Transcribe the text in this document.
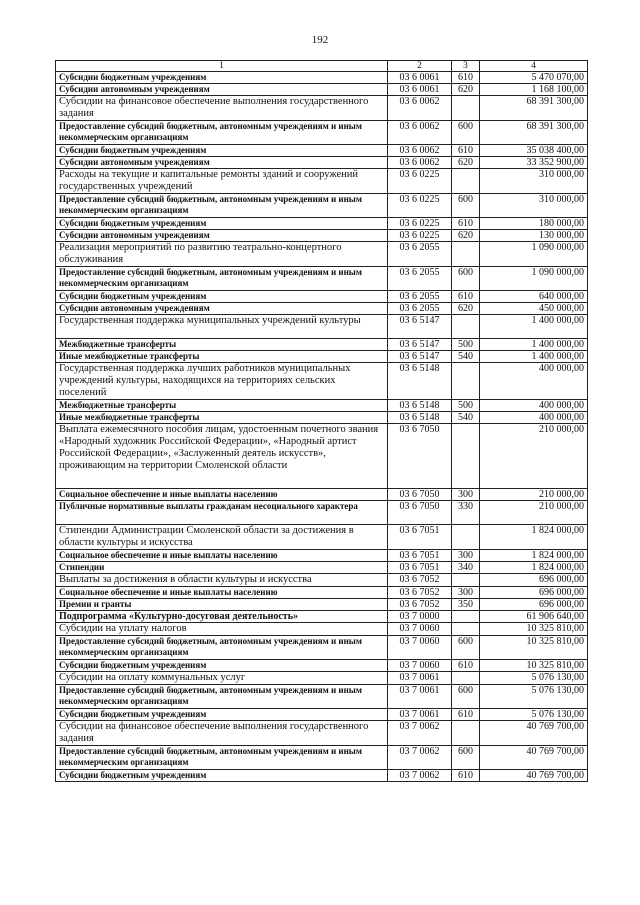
192
1	2	3	4
Субсидии бюджетным учреждениям	03 6 0061	610	5 470 070,00
Субсидии автономным учреждениям	03 6 0061	620	1 168 100,00
Субсидии на финансовое обеспечение выполнения государственного задания	03 6 0062		68 391 300,00
Предоставление субсидий бюджетным, автономным учреждениям и иным некоммерческим организациям	03 6 0062	600	68 391 300,00
Субсидии бюджетным учреждениям	03 6 0062	610	35 038 400,00
Субсидии автономным учреждениям	03 6 0062	620	33 352 900,00
Расходы на текущие и капитальные ремонты зданий и сооружений государственных учреждений	03 6 0225		310 000,00
Предоставление субсидий бюджетным, автономным учреждениям и иным некоммерческим организациям	03 6 0225	600	310 000,00
Субсидии бюджетным учреждениям	03 6 0225	610	180 000,00
Субсидии автономным учреждениям	03 6 0225	620	130 000,00
Реализация мероприятий по развитию театрально-концертного обслуживания	03 6 2055		1 090 000,00
Предоставление субсидий бюджетным, автономным учреждениям и иным некоммерческим организациям	03 6 2055	600	1 090 000,00
Субсидии бюджетным учреждениям	03 6 2055	610	640 000,00
Субсидии автономным учреждениям	03 6 2055	620	450 000,00
Государственная поддержка муниципальных учреждений культуры	03 6 5147		1 400 000,00
Межбюджетные трансферты	03 6 5147	500	1 400 000,00
Иные межбюджетные трансферты	03 6 5147	540	1 400 000,00
Государственная поддержка лучших работников муниципальных учреждений культуры, находящихся на территориях сельских поселений	03 6 5148		400 000,00
Межбюджетные трансферты	03 6 5148	500	400 000,00
Иные межбюджетные трансферты	03 6 5148	540	400 000,00
Выплата ежемесячного пособия лицам, удостоенным почетного звания «Народный художник Российской Федерации», «Народный артист Российской Федерации», «Заслуженный деятель искусств», проживающим на территории Смоленской области	03 6 7050		210 000,00
Социальное обеспечение и иные выплаты населению	03 6 7050	300	210 000,00
Публичные нормативные выплаты гражданам несоциального характера	03 6 7050	330	210 000,00
Стипендии Администрации Смоленской области за достижения в области культуры и искусства	03 6 7051		1 824 000,00
Социальное обеспечение и иные выплаты населению	03 6 7051	300	1 824 000,00
Стипендии	03 6 7051	340	1 824 000,00
Выплаты за достижения в области культуры и искусства	03 6 7052		696 000,00
Социальное обеспечение и иные выплаты населению	03 6 7052	300	696 000,00
Премии и гранты	03 6 7052	350	696 000,00
Подпрограмма «Культурно-досуговая деятельность»	03 7 0000		61 906 640,00
Субсидии на уплату налогов	03 7 0060		10 325 810,00
Предоставление субсидий бюджетным, автономным учреждениям и иным некоммерческим организациям	03 7 0060	600	10 325 810,00
Субсидии бюджетным учреждениям	03 7 0060	610	10 325 810,00
Субсидии на оплату коммунальных услуг	03 7 0061		5 076 130,00
Предоставление субсидий бюджетным, автономным учреждениям и иным некоммерческим организациям	03 7 0061	600	5 076 130,00
Субсидии бюджетным учреждениям	03 7 0061	610	5 076 130,00
Субсидии на финансовое обеспечение выполнения государственного задания	03 7 0062		40 769 700,00
Предоставление субсидий бюджетным, автономным учреждениям и иным некоммерческим организациям	03 7 0062	600	40 769 700,00
Субсидии бюджетным учреждениям	03 7 0062	610	40 769 700,00
